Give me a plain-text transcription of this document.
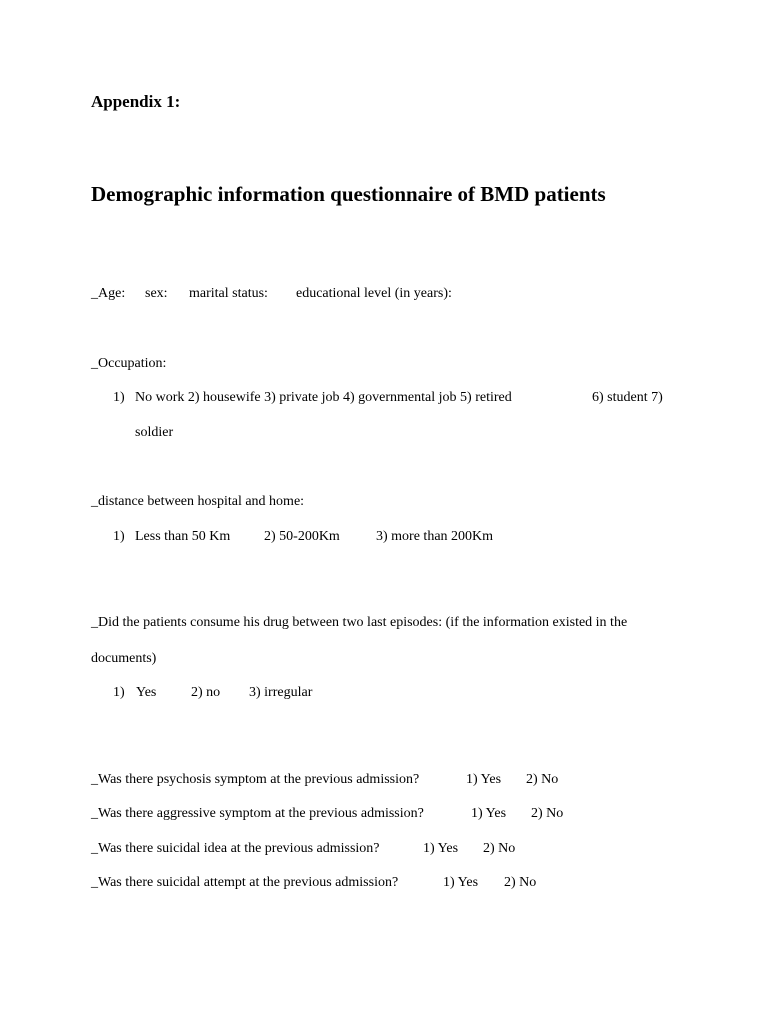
Appendix 1:
Demographic information questionnaire of BMD patients
_Age: sex: marital status: educational level (in years):
_Occupation:
1) No work 2) housewife 3) private job 4) governmental job 5) retired	6) student 7)
soldier
_distance between hospital and home:
1) Less than 50 Km 2) 50-200Km	3) more than 200Km
_Did the patients consume his drug between two last episodes: (if the information existed in the
documents)
1) Yes 2) no 3) irregular
_Was there psychosis symptom at the previous admission?	1) Yes 2) No
_Was there aggressive symptom at the previous admission?	1) Yes 2) No
_Was there suicidal idea at the previous admission?	1) Yes 2) No
_Was there suicidal attempt at the previous admission?	1) Yes 2) No
